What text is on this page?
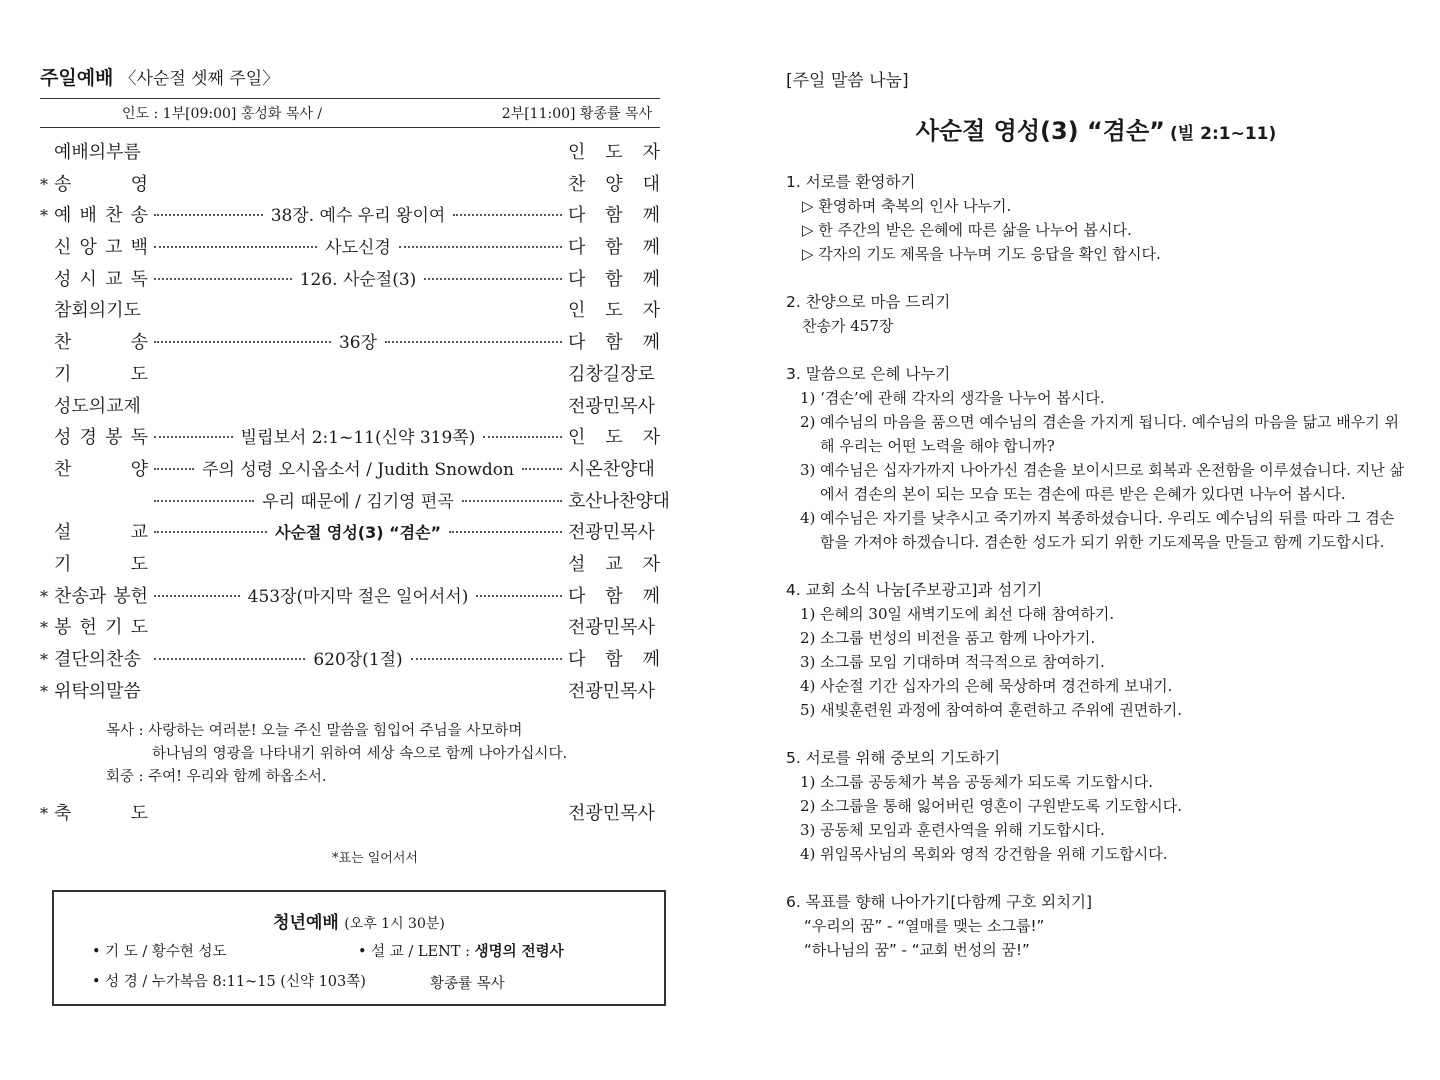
주일예배 〈사순절 셋째 주일〉
인도 : 1부[09:00] 홍성화 목사 /	2부[11:00] 황종률 목사
예배의부름	인 도 자
* 송 영	찬 양 대
* 예 배 찬 송	38장. 예수 우리 왕이여	다 함 께
신 앙 고 백	사도신경	다 함 께
성 시 교 독	126. 사순절(3)	다 함 께
참회의기도	인 도 자
찬 송	36장	다 함 께
기 도	김창길장로
성도의교제	전광민목사
성 경 봉 독	빌립보서 2:1~11(신약 319쪽)	인 도 자
찬 양	주의 성령 오시옵소서 / Judith Snowdon	시온찬양대
우리 때문에 / 김기영 편곡	호산나찬양대
설 교	사순절 영성(3) “겸손”	전광민목사
기 도	설 교 자
* 찬송과 봉헌	453장(마지막 절은 일어서서)	다 함 께
* 봉 헌 기 도	전광민목사
* 결단의찬송	620장(1절)	다 함 께
* 위탁의말씀	전광민목사
목사 : 사랑하는 여러분! 오늘 주신 말씀을 힘입어 주님을 사모하며
하나님의 영광을 나타내기 위하여 세상 속으로 함께 나아가십시다.
회중 : 주여! 우리와 함께 하옵소서.
* 축 도	전광민목사
*표는 일어서서
청년예배 (오후 1시 30분)
• 기 도 / 황수현 성도	• 설 교 / LENT : 생명의 전령사
• 성 경 / 누가복음 8:11~15 (신약 103쪽)	황종률 목사
[주일 말씀 나눔]
사순절 영성(3) “겸손” (빌 2:1~11)
1. 서로를 환영하기
▷ 환영하며 축복의 인사 나누기.
▷ 한 주간의 받은 은혜에 따른 삶을 나누어 봅시다.
▷ 각자의 기도 제목을 나누며 기도 응답을 확인 합시다.
2. 찬양으로 마음 드리기
찬송가 457장
3. 말씀으로 은혜 나누기
1) ‘겸손’에 관해 각자의 생각을 나누어 봅시다.
2) 예수님의 마음을 품으면 예수님의 겸손을 가지게 됩니다. 예수님의 마음을 닮고 배우기 위해 우리는 어떤 노력을 해야 합니까?
3) 예수님은 십자가까지 나아가신 겸손을 보이시므로 회복과 온전함을 이루셨습니다. 지난 삶에서 겸손의 본이 되는 모습 또는 겸손에 따른 받은 은혜가 있다면 나누어 봅시다.
4) 예수님은 자기를 낮추시고 죽기까지 복종하셨습니다. 우리도 예수님의 뒤를 따라 그 겸손함을 가져야 하겠습니다. 겸손한 성도가 되기 위한 기도제목을 만들고 함께 기도합시다.
4. 교회 소식 나눔[주보광고]과 섬기기
1) 은혜의 30일 새벽기도에 최선 다해 참여하기.
2) 소그룹 번성의 비전을 품고 함께 나아가기.
3) 소그룹 모임 기대하며 적극적으로 참여하기.
4) 사순절 기간 십자가의 은혜 묵상하며 경건하게 보내기.
5) 새빛훈련원 과정에 참여하여 훈련하고 주위에 권면하기.
5. 서로를 위해 중보의 기도하기
1) 소그룹 공동체가 복음 공동체가 되도록 기도합시다.
2) 소그룹을 통해 잃어버린 영혼이 구원받도록 기도합시다.
3) 공동체 모임과 훈련사역을 위해 기도합시다.
4) 위임목사님의 목회와 영적 강건함을 위해 기도합시다.
6. 목표를 향해 나아가기[다함께 구호 외치기]
“우리의 꿈” - “열매를 맺는 소그룹!”
“하나님의 꿈” - “교회 번성의 꿈!”
